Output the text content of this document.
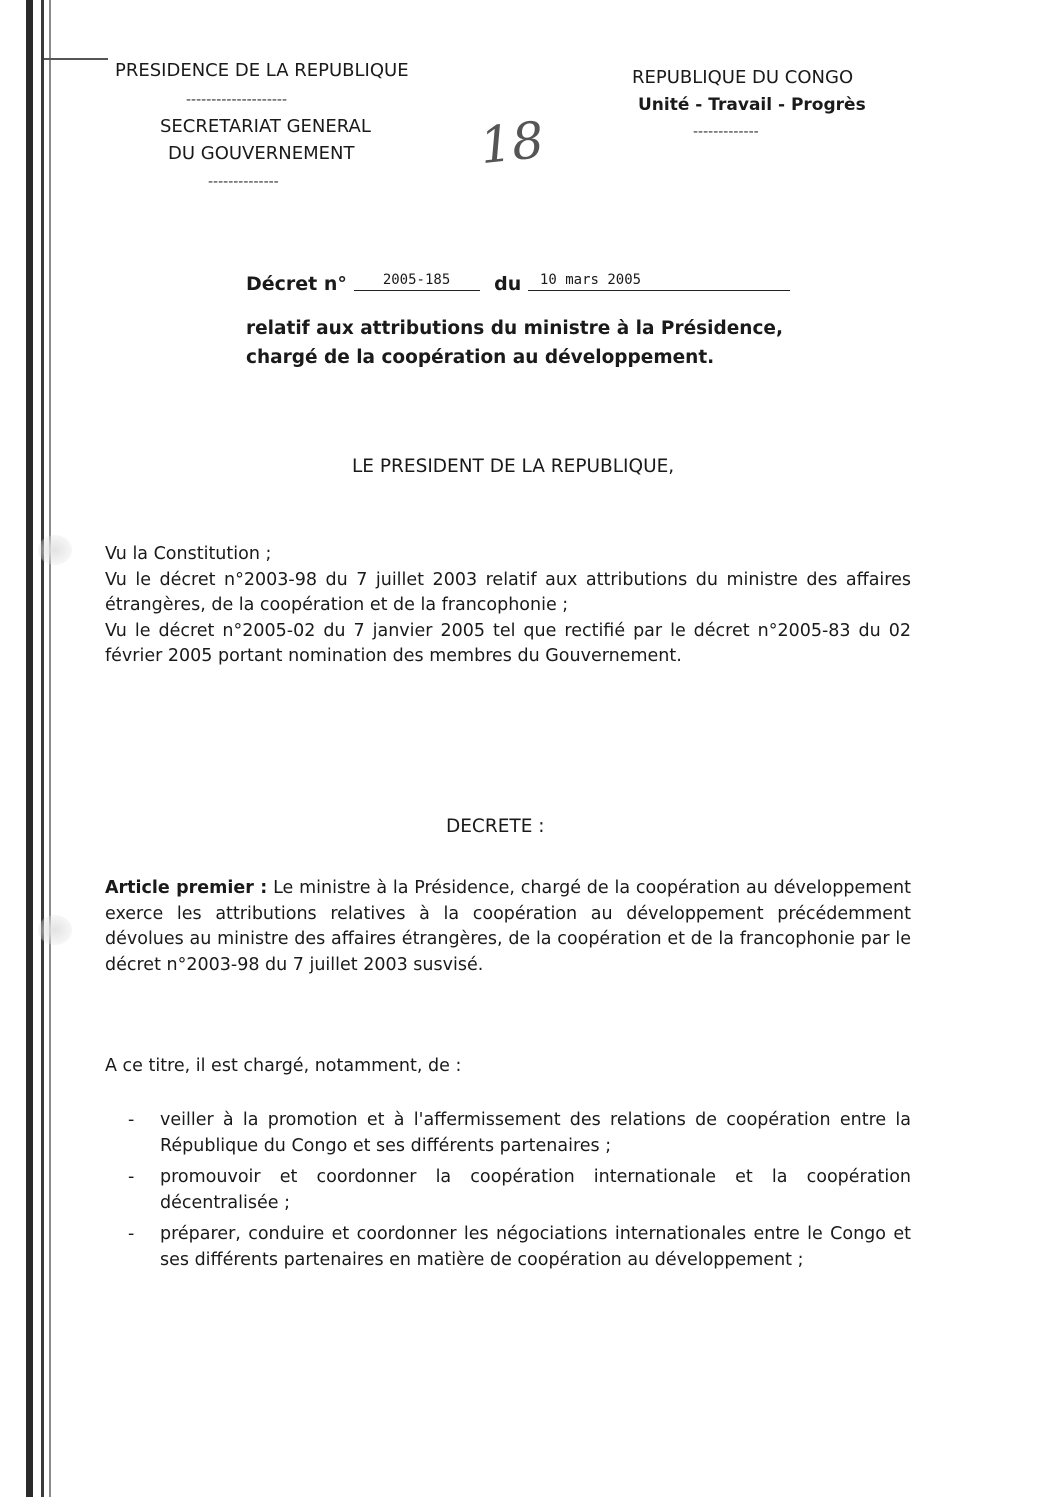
PRESIDENCE DE LA REPUBLIQUE
--------------------
SECRETARIAT GENERAL
DU GOUVERNEMENT
--------------
REPUBLIQUE DU CONGO
Unité - Travail - Progrès
-------------
18
Décret n°	2005-185 du 10 mars 2005
relatif aux attributions du ministre à la Présidence,
chargé de la coopération au développement.
LE PRESIDENT DE LA REPUBLIQUE,
Vu la Constitution ;
Vu le décret n°2003-98 du 7 juillet 2003 relatif aux attributions du ministre des affaires étrangères, de la coopération et de la francophonie ;
Vu le décret n°2005-02 du 7 janvier 2005 tel que rectifié par le décret n°2005-83 du 02 février 2005 portant nomination des membres du Gouvernement.
DECRETE :
Article premier : Le ministre à la Présidence, chargé de la coopération au développement exerce les attributions relatives à la coopération au développement précédemment dévolues au ministre des affaires étrangères, de la coopération et de la francophonie par le décret n°2003-98 du 7 juillet 2003 susvisé.
A ce titre, il est chargé, notamment, de :
- veiller à la promotion et à l'affermissement des relations de coopération entre la République du Congo et ses différents partenaires ;
- promouvoir et coordonner la coopération internationale et la coopération décentralisée ;
- préparer, conduire et coordonner les négociations internationales entre le Congo et ses différents partenaires en matière de coopération au développement ;
